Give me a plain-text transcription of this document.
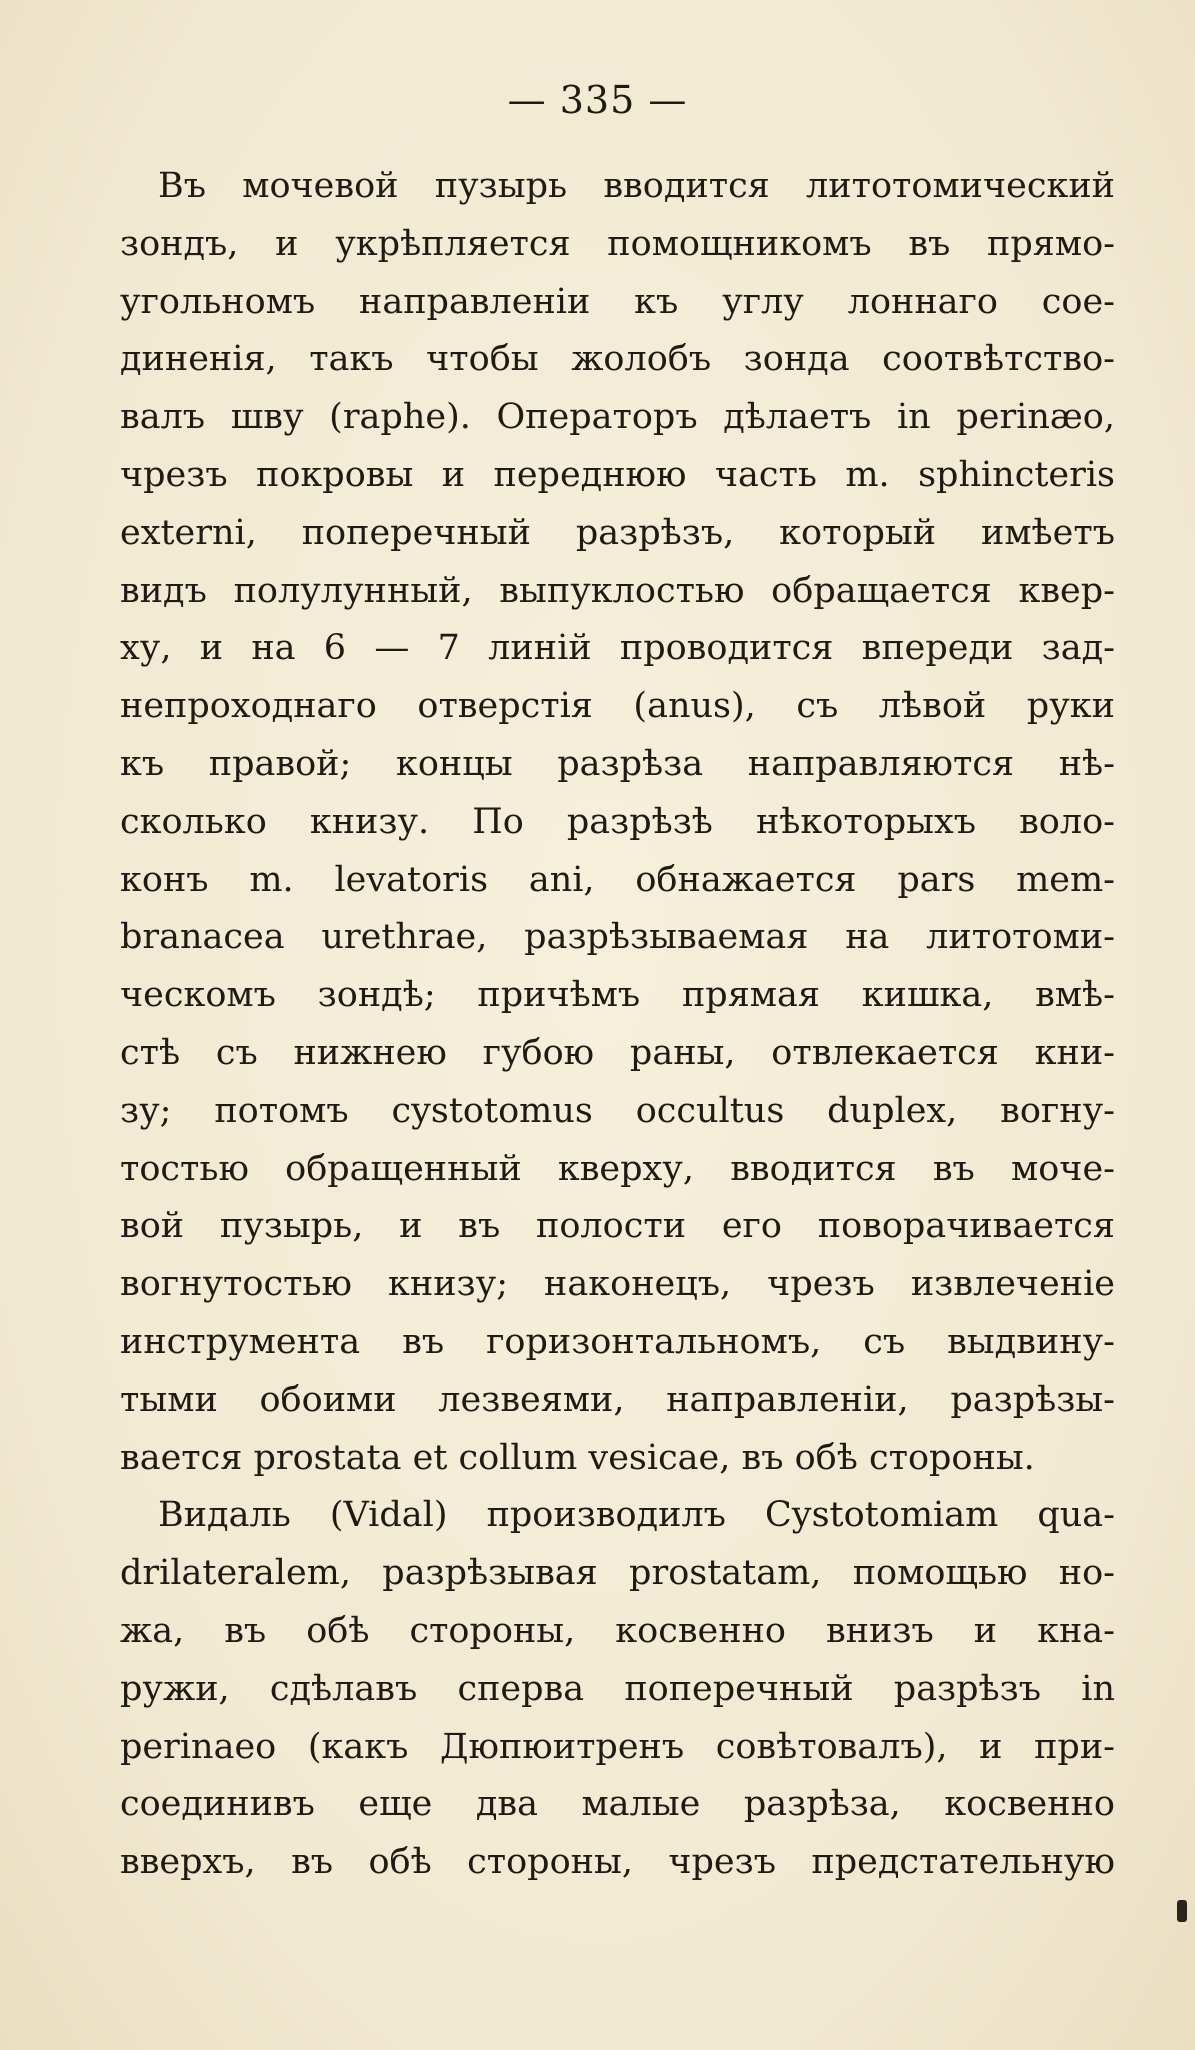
— 335 —
Въ мочевой пузырь вводится литотомический
зондъ, и укрѣпляется помощникомъ въ прямо-
угольномъ направленіи къ углу лоннаго сое-
диненія, такъ чтобы жолобъ зонда соотвѣтство-
валъ шву (raphe). Операторъ дѣлаетъ in perinæo,
чрезъ покровы и переднюю часть m. sphincteris
externi, поперечный разрѣзъ, который имѣетъ
видъ полулунный, выпуклостью обращается квер-
ху, и на 6 — 7 линій проводится впереди зад-
непроходнаго отверстія (anus), съ лѣвой руки
къ правой; концы разрѣза направляются нѣ-
сколько книзу. По разрѣзѣ нѣкоторыхъ воло-
конъ m. levatoris ani, обнажается pars mem-
branacea urethrae, разрѣзываемая на литотоми-
ческомъ зондѣ; причѣмъ прямая кишка, вмѣ-
стѣ съ нижнею губою раны, отвлекается кни-
зу; потомъ cystotomus occultus duplex, вогну-
тостью обращенный кверху, вводится въ моче-
вой пузырь, и въ полости его поворачивается
вогнутостью книзу; наконецъ, чрезъ извлеченіе
инструмента въ горизонтальномъ, съ выдвину-
тыми обоими лезвеями, направленіи, разрѣзы-
вается prostata et collum vesicae, въ обѣ стороны.
Видаль (Vidal) производилъ Cystotomiam qua-
drilateralem, разрѣзывая prostatam, помощью но-
жа, въ обѣ стороны, косвенно внизъ и кна-
ружи, сдѣлавъ сперва поперечный разрѣзъ in
perinaeo (какъ Дюпюитренъ совѣтовалъ), и при-
соединивъ еще два малые разрѣза, косвенно
вверхъ, въ обѣ стороны, чрезъ предстательную
